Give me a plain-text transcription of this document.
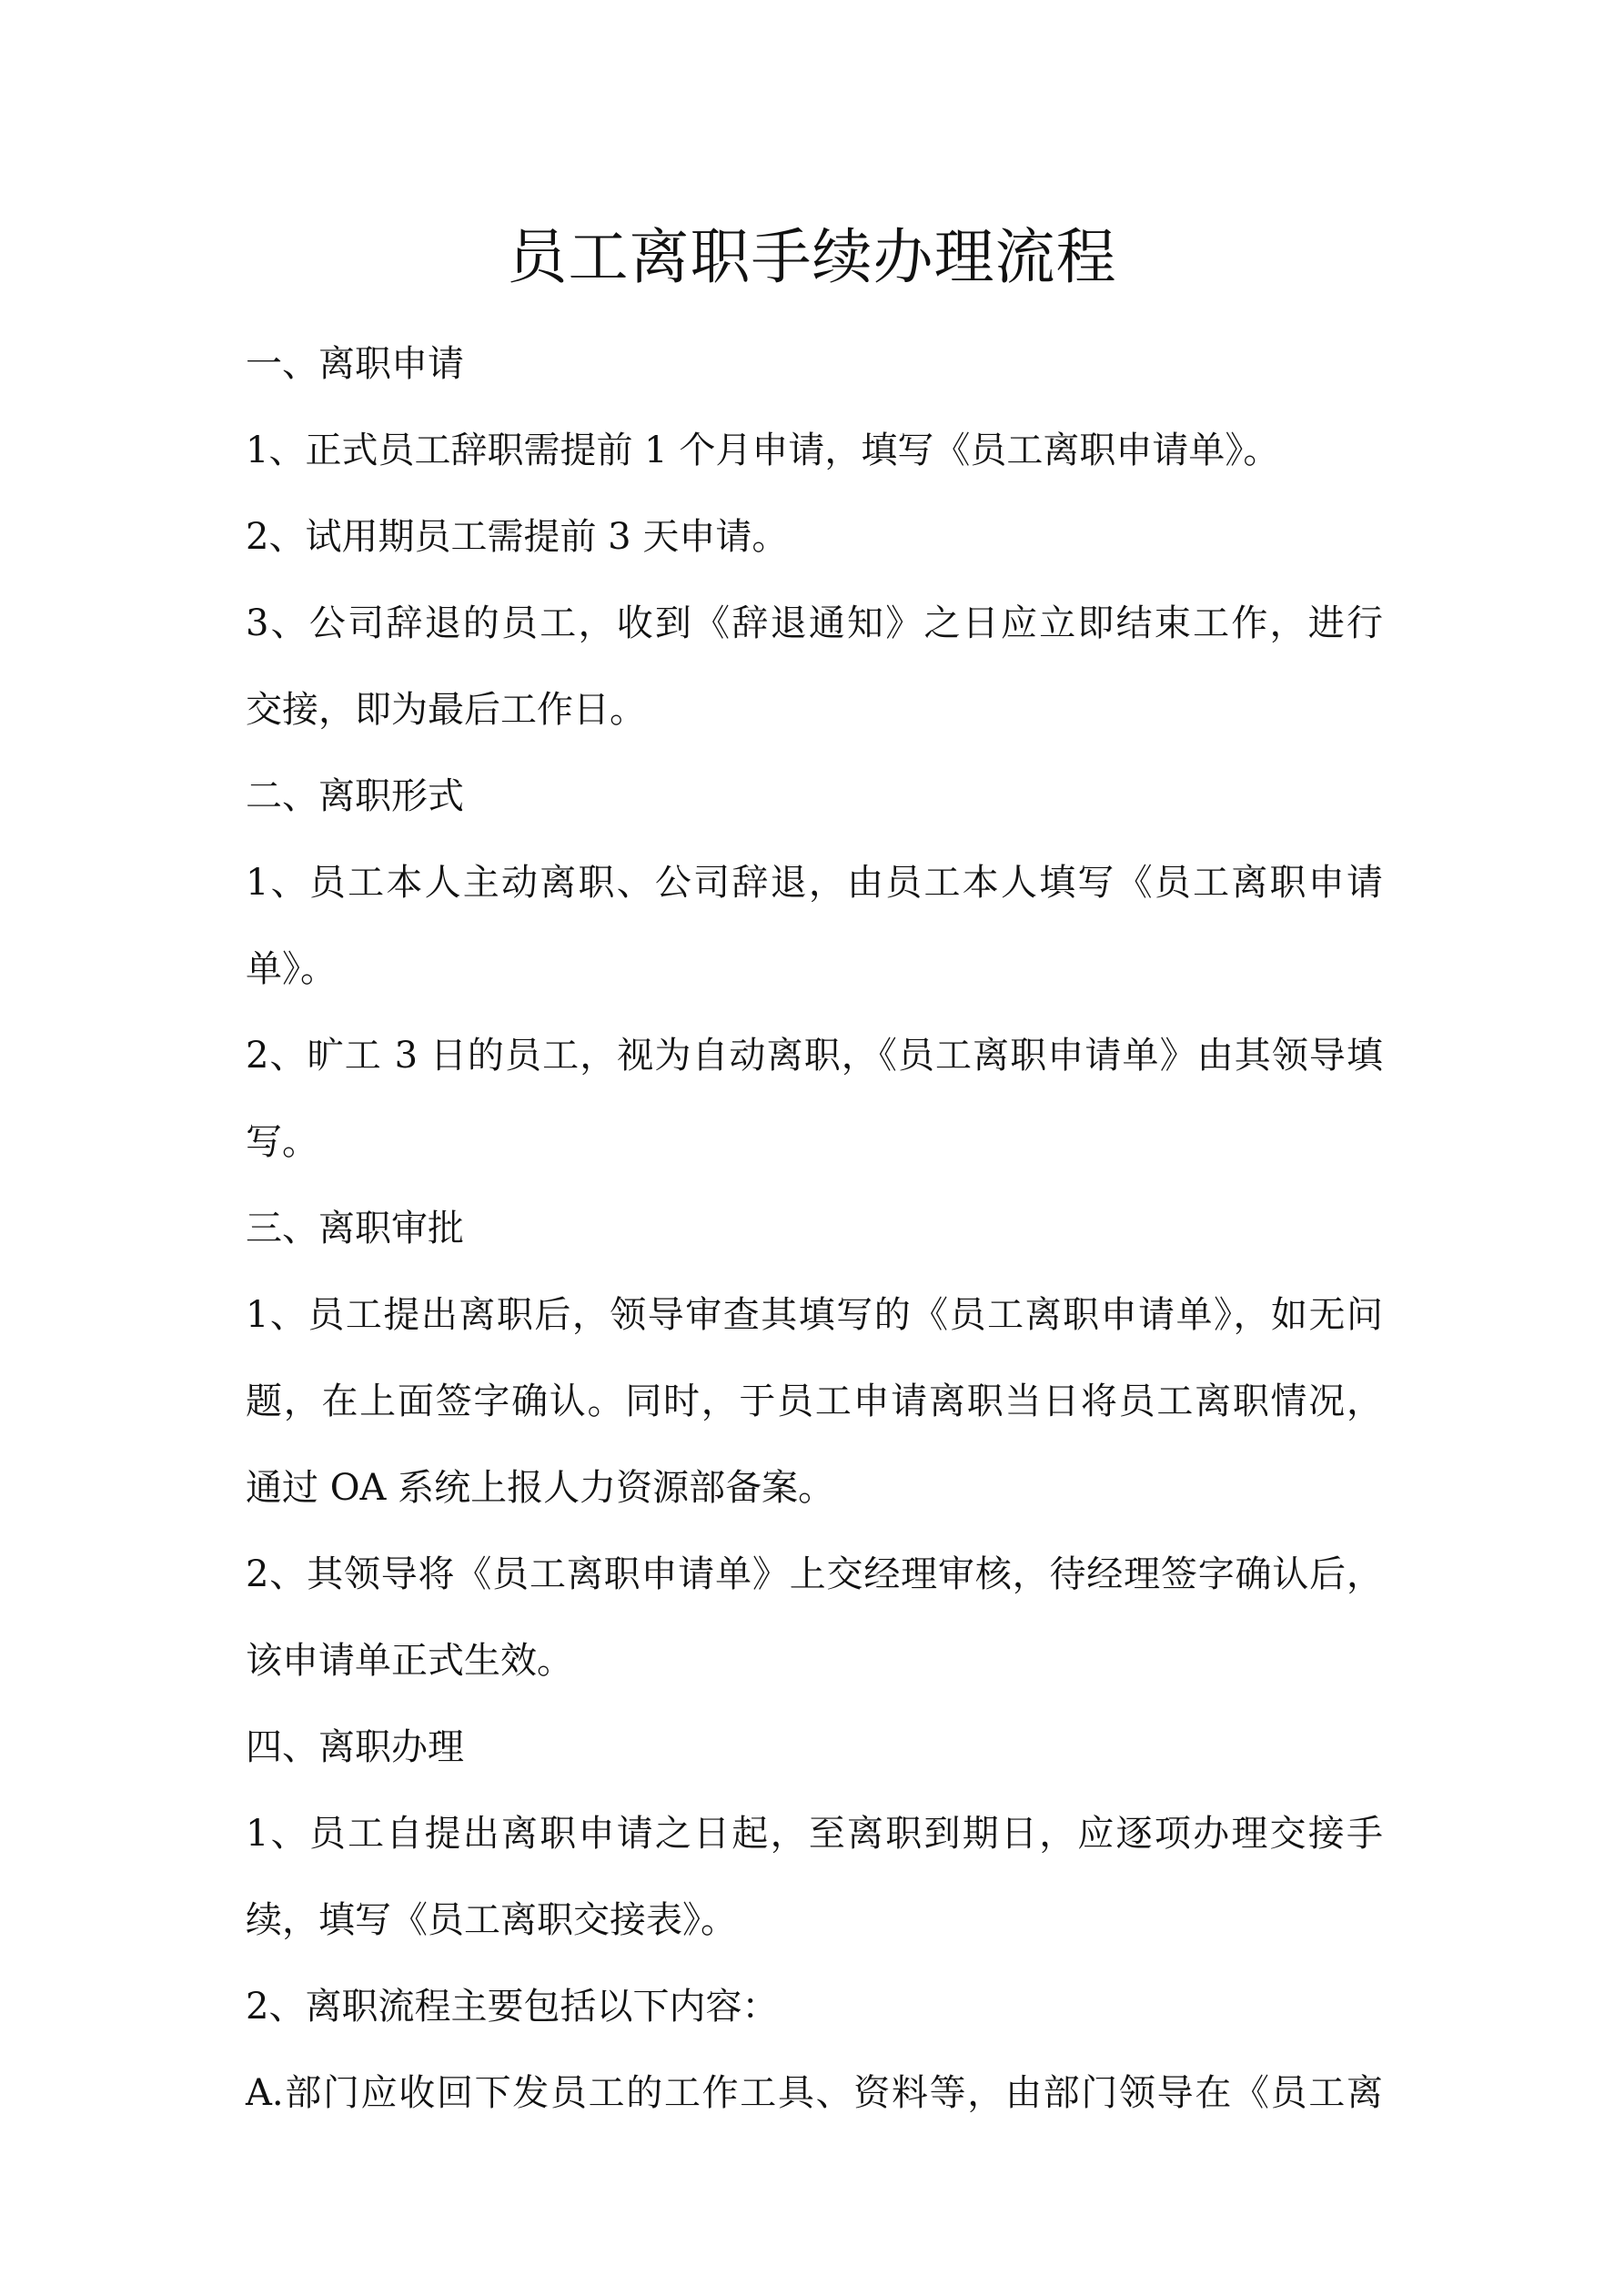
员工离职手续办理流程

一、离职申请

1、正式员工辞职需提前 1 个月申请，填写《员工离职申请单》。

2、试用期员工需提前 3 天申请。

3、公司辞退的员工，收到《辞退通知》之日应立即结束工作，进行

交接，即为最后工作日。

二、离职形式

1、员工本人主动离职、公司辞退，由员工本人填写《员工离职申请

单》。

2、旷工 3 日的员工，视为自动离职，《员工离职申请单》由其领导填

写。

三、离职审批

1、员工提出离职后，领导审查其填写的《员工离职申请单》，如无问

题，在上面签字确认。同时，于员工申请离职当日将员工离职情况，

通过 OA 系统上报人力资源部备案。

2、其领导将《员工离职申请单》上交经理审核，待经理签字确认后，

该申请单正式生效。

四、离职办理

1、员工自提出离职申请之日起，至离职到期日，应逐项办理交接手

续，填写《员工离职交接表》。

2、离职流程主要包括以下内容：

A.部门应收回下发员工的工作工具、资料等，由部门领导在《员工离
